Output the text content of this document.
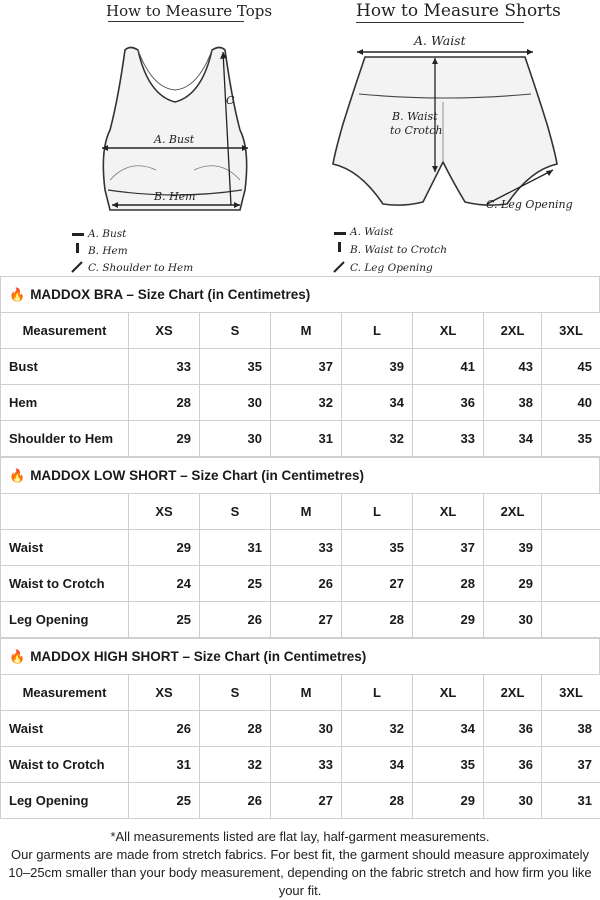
How to Measure Tops	How to Measure Shorts
A. Bust
B. Hem
C
A. Bust
B. Hem
C. Shoulder to Hem
A. Waist
B. Waist
to Crotch
C. Leg Opening
A. Waist
B. Waist to Crotch
C. Leg Opening
🔥 MADDOX BRA – Size Chart (in Centimetres)
Measurement	XS	S	M	L	XL	2XL	3XL
Bust	33	35	37	39	41	43	45
Hem	28	30	32	34	36	38	40
Shoulder to Hem	29	30	31	32	33	34	35
🔥 MADDOX LOW SHORT – Size Chart (in Centimetres)
	XS	S	M	L	XL	2XL	
Waist	29	31	33	35	37	39	
Waist to Crotch	24	25	26	27	28	29	
Leg Opening	25	26	27	28	29	30	
🔥 MADDOX HIGH SHORT – Size Chart (in Centimetres)
Measurement	XS	S	M	L	XL	2XL	3XL
Waist	26	28	30	32	34	36	38
Waist to Crotch	31	32	33	34	35	36	37
Leg Opening	25	26	27	28	29	30	31
*All measurements listed are flat lay, half-garment measurements.
Our garments are made from stretch fabrics. For best fit, the garment should measure approximately 10–25cm smaller than your body measurement, depending on the fabric stretch and how firm you like your fit.
